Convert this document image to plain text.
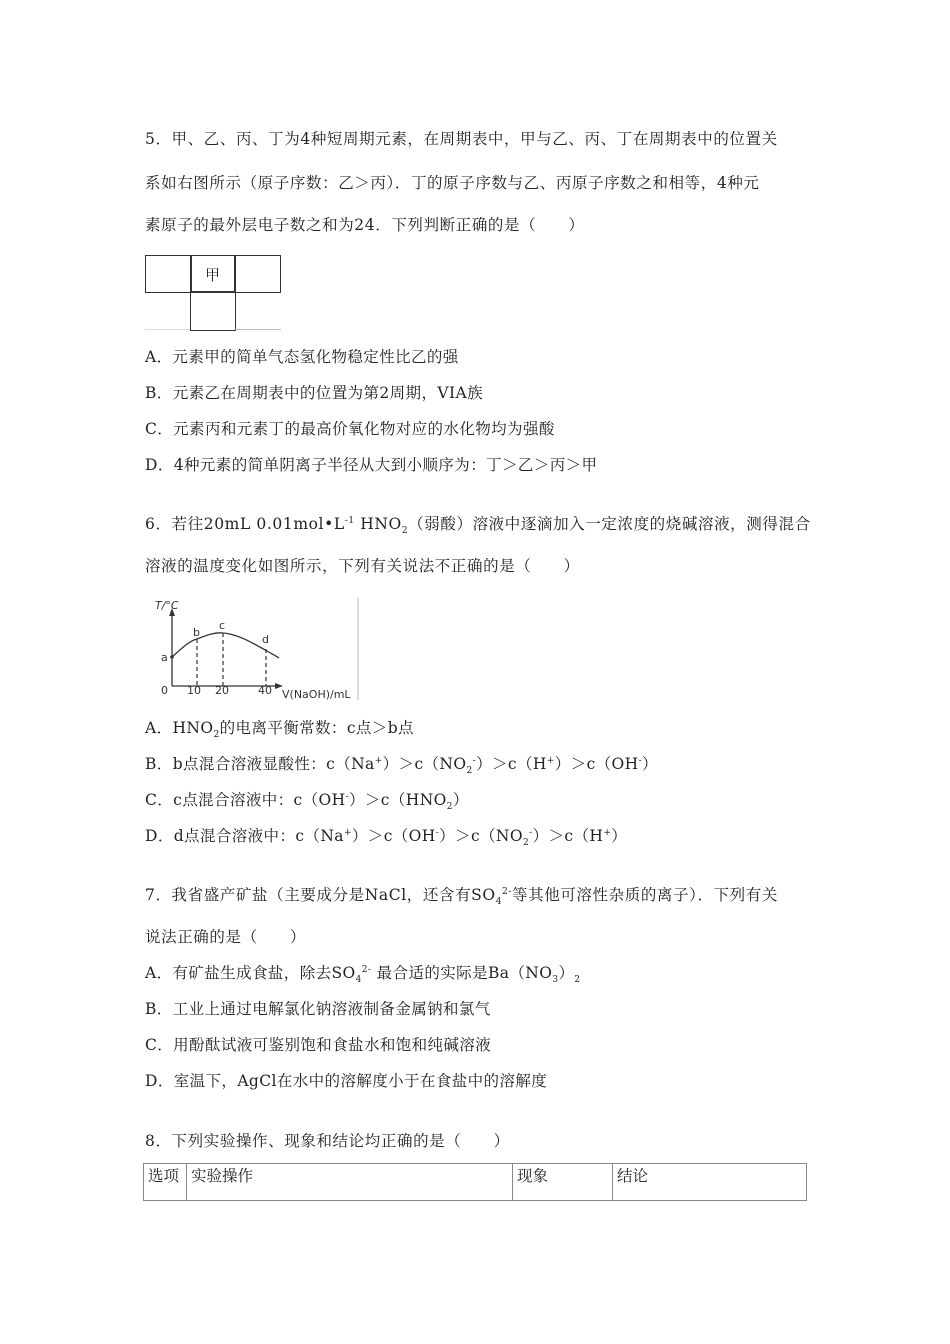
5．甲、乙、丙、丁为4种短周期元素，在周期表中，甲与乙、丙、丁在周期表中的位置关
系如右图所示（原子序数：乙＞丙）．丁的原子序数与乙、丙原子序数之和相等，4种元
素原子的最外层电子数之和为24．下列判断正确的是（　　）
甲
A．元素甲的简单气态氢化物稳定性比乙的强
B．元素乙在周期表中的位置为第2周期，VIA族
C．元素丙和元素丁的最高价氧化物对应的水化物均为强酸
D．4种元素的简单阴离子半径从大到小顺序为：丁＞乙＞丙＞甲
6．若往20mL $0.01mol•L^{-1}$ $HNO_2$（弱酸）溶液中逐滴加入一定浓度的烧碱溶液，测得混合
溶液的温度变化如图所示，下列有关说法不正确的是（　　）
T/°C
V(NaOH)/mL
0 10 20	40
a
b
c
d
A．$HNO_2$的电离平衡常数：c点＞b点
B．b点混合溶液显酸性：$c(Na^+)>c(NO_2^-)>c(H^+)>c(OH^-)$
C．c点混合溶液中：$c(OH^-)>c(HNO_2)$
D．d点混合溶液中：$c(Na^+)>c(OH^-)>c(NO_2^-)>c(H^+)$
7．我省盛产矿盐（主要成分是NaCl，还含有$SO_4^{2-}$等其他可溶性杂质的离子）．下列有关
说法正确的是（　　）
A．有矿盐生成食盐，除去$SO_4^{2-}$ 最合适的实际是$Ba(NO_3)_2$
B．工业上通过电解氯化钠溶液制备金属钠和氯气
C．用酚酞试液可鉴别饱和食盐水和饱和纯碱溶液
D．室温下，AgCl在水中的溶解度小于在食盐中的溶解度
8．下列实验操作、现象和结论均正确的是（　　）
选项	实验操作	现象	结论
